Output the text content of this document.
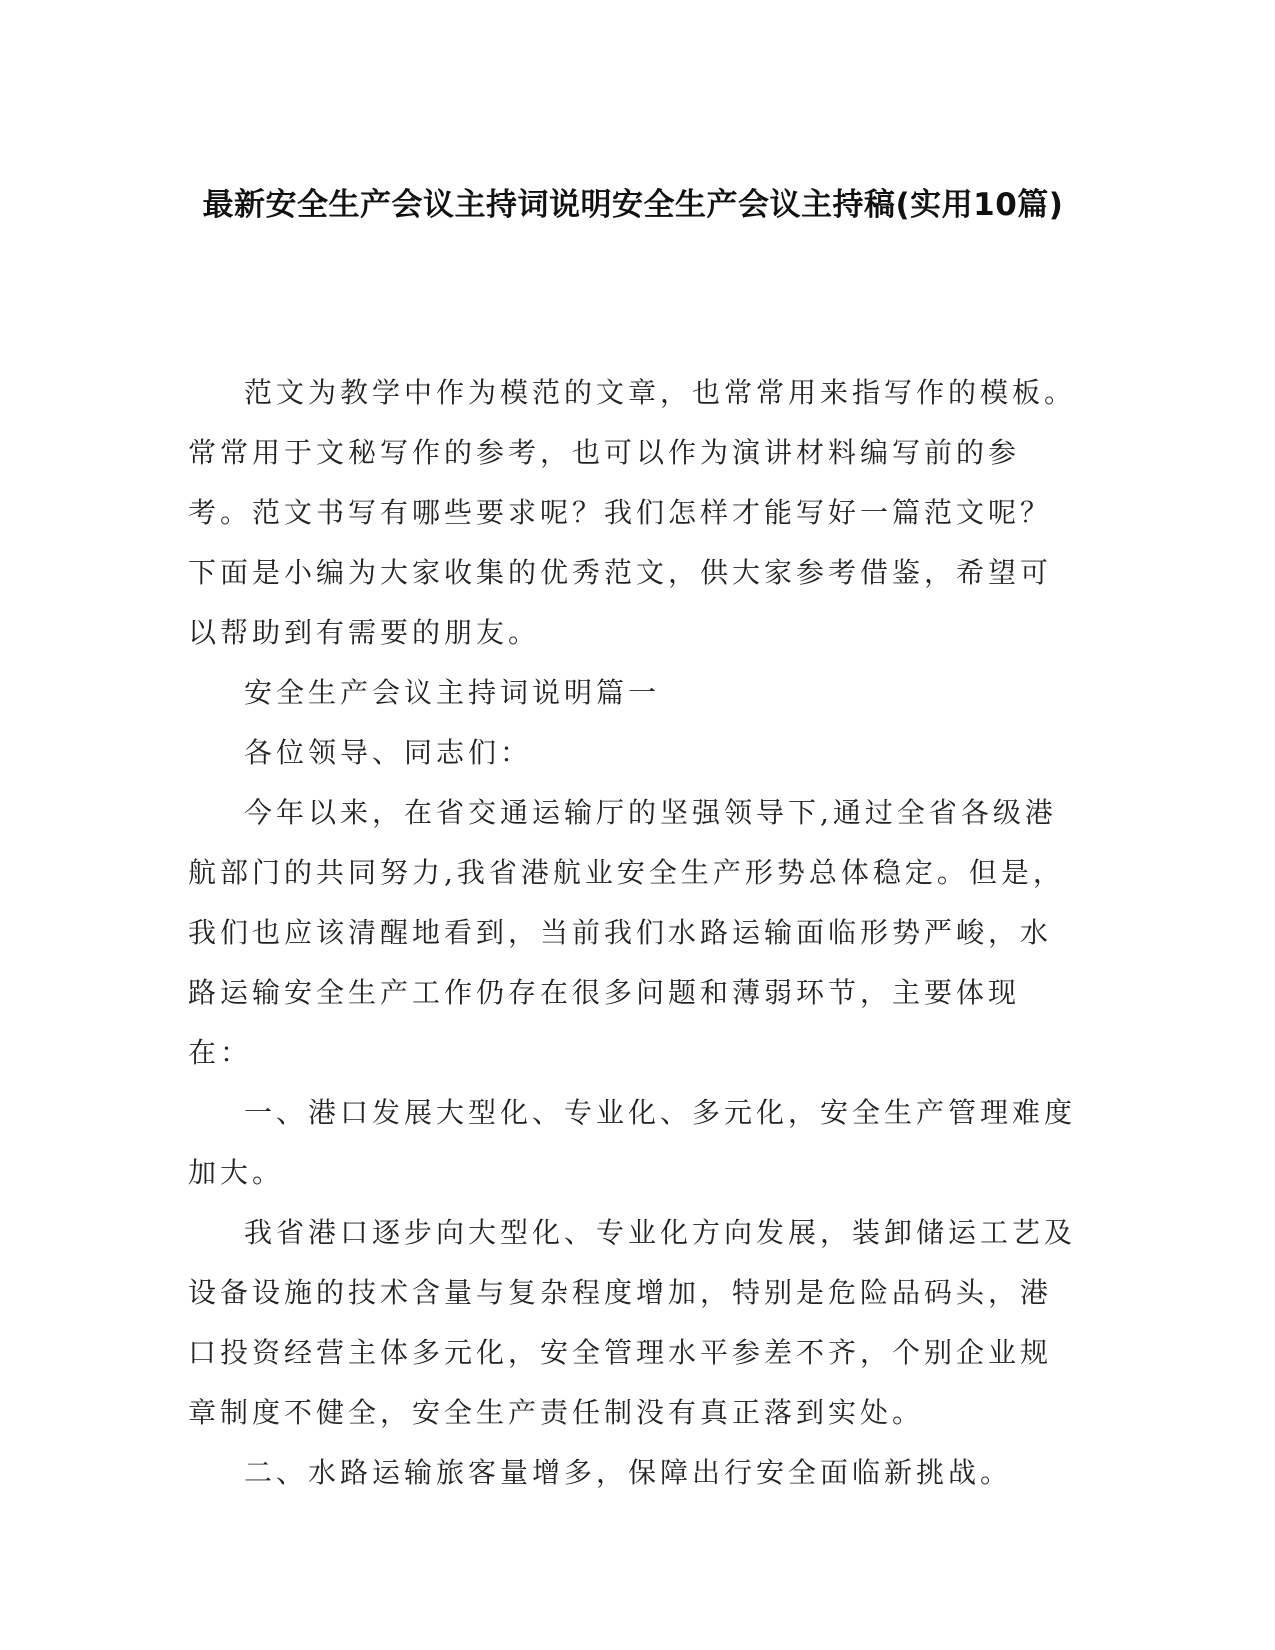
最新安全生产会议主持词说明安全生产会议主持稿(实用10篇)

范文为教学中作为模范的文章，也常常用来指写作的模板。常常用于文秘写作的参考，也可以作为演讲材料编写前的参考。范文书写有哪些要求呢？我们怎样才能写好一篇范文呢？下面是小编为大家收集的优秀范文，供大家参考借鉴，希望可以帮助到有需要的朋友。

安全生产会议主持词说明篇一

各位领导、同志们：

今年以来，在省交通运输厅的坚强领导下,通过全省各级港航部门的共同努力,我省港航业安全生产形势总体稳定。但是，我们也应该清醒地看到，当前我们水路运输面临形势严峻，水路运输安全生产工作仍存在很多问题和薄弱环节，主要体现在：

一、港口发展大型化、专业化、多元化，安全生产管理难度加大。

我省港口逐步向大型化、专业化方向发展，装卸储运工艺及设备设施的技术含量与复杂程度增加，特别是危险品码头，港口投资经营主体多元化，安全管理水平参差不齐，个别企业规章制度不健全，安全生产责任制没有真正落到实处。

二、水路运输旅客量增多，保障出行安全面临新挑战。
